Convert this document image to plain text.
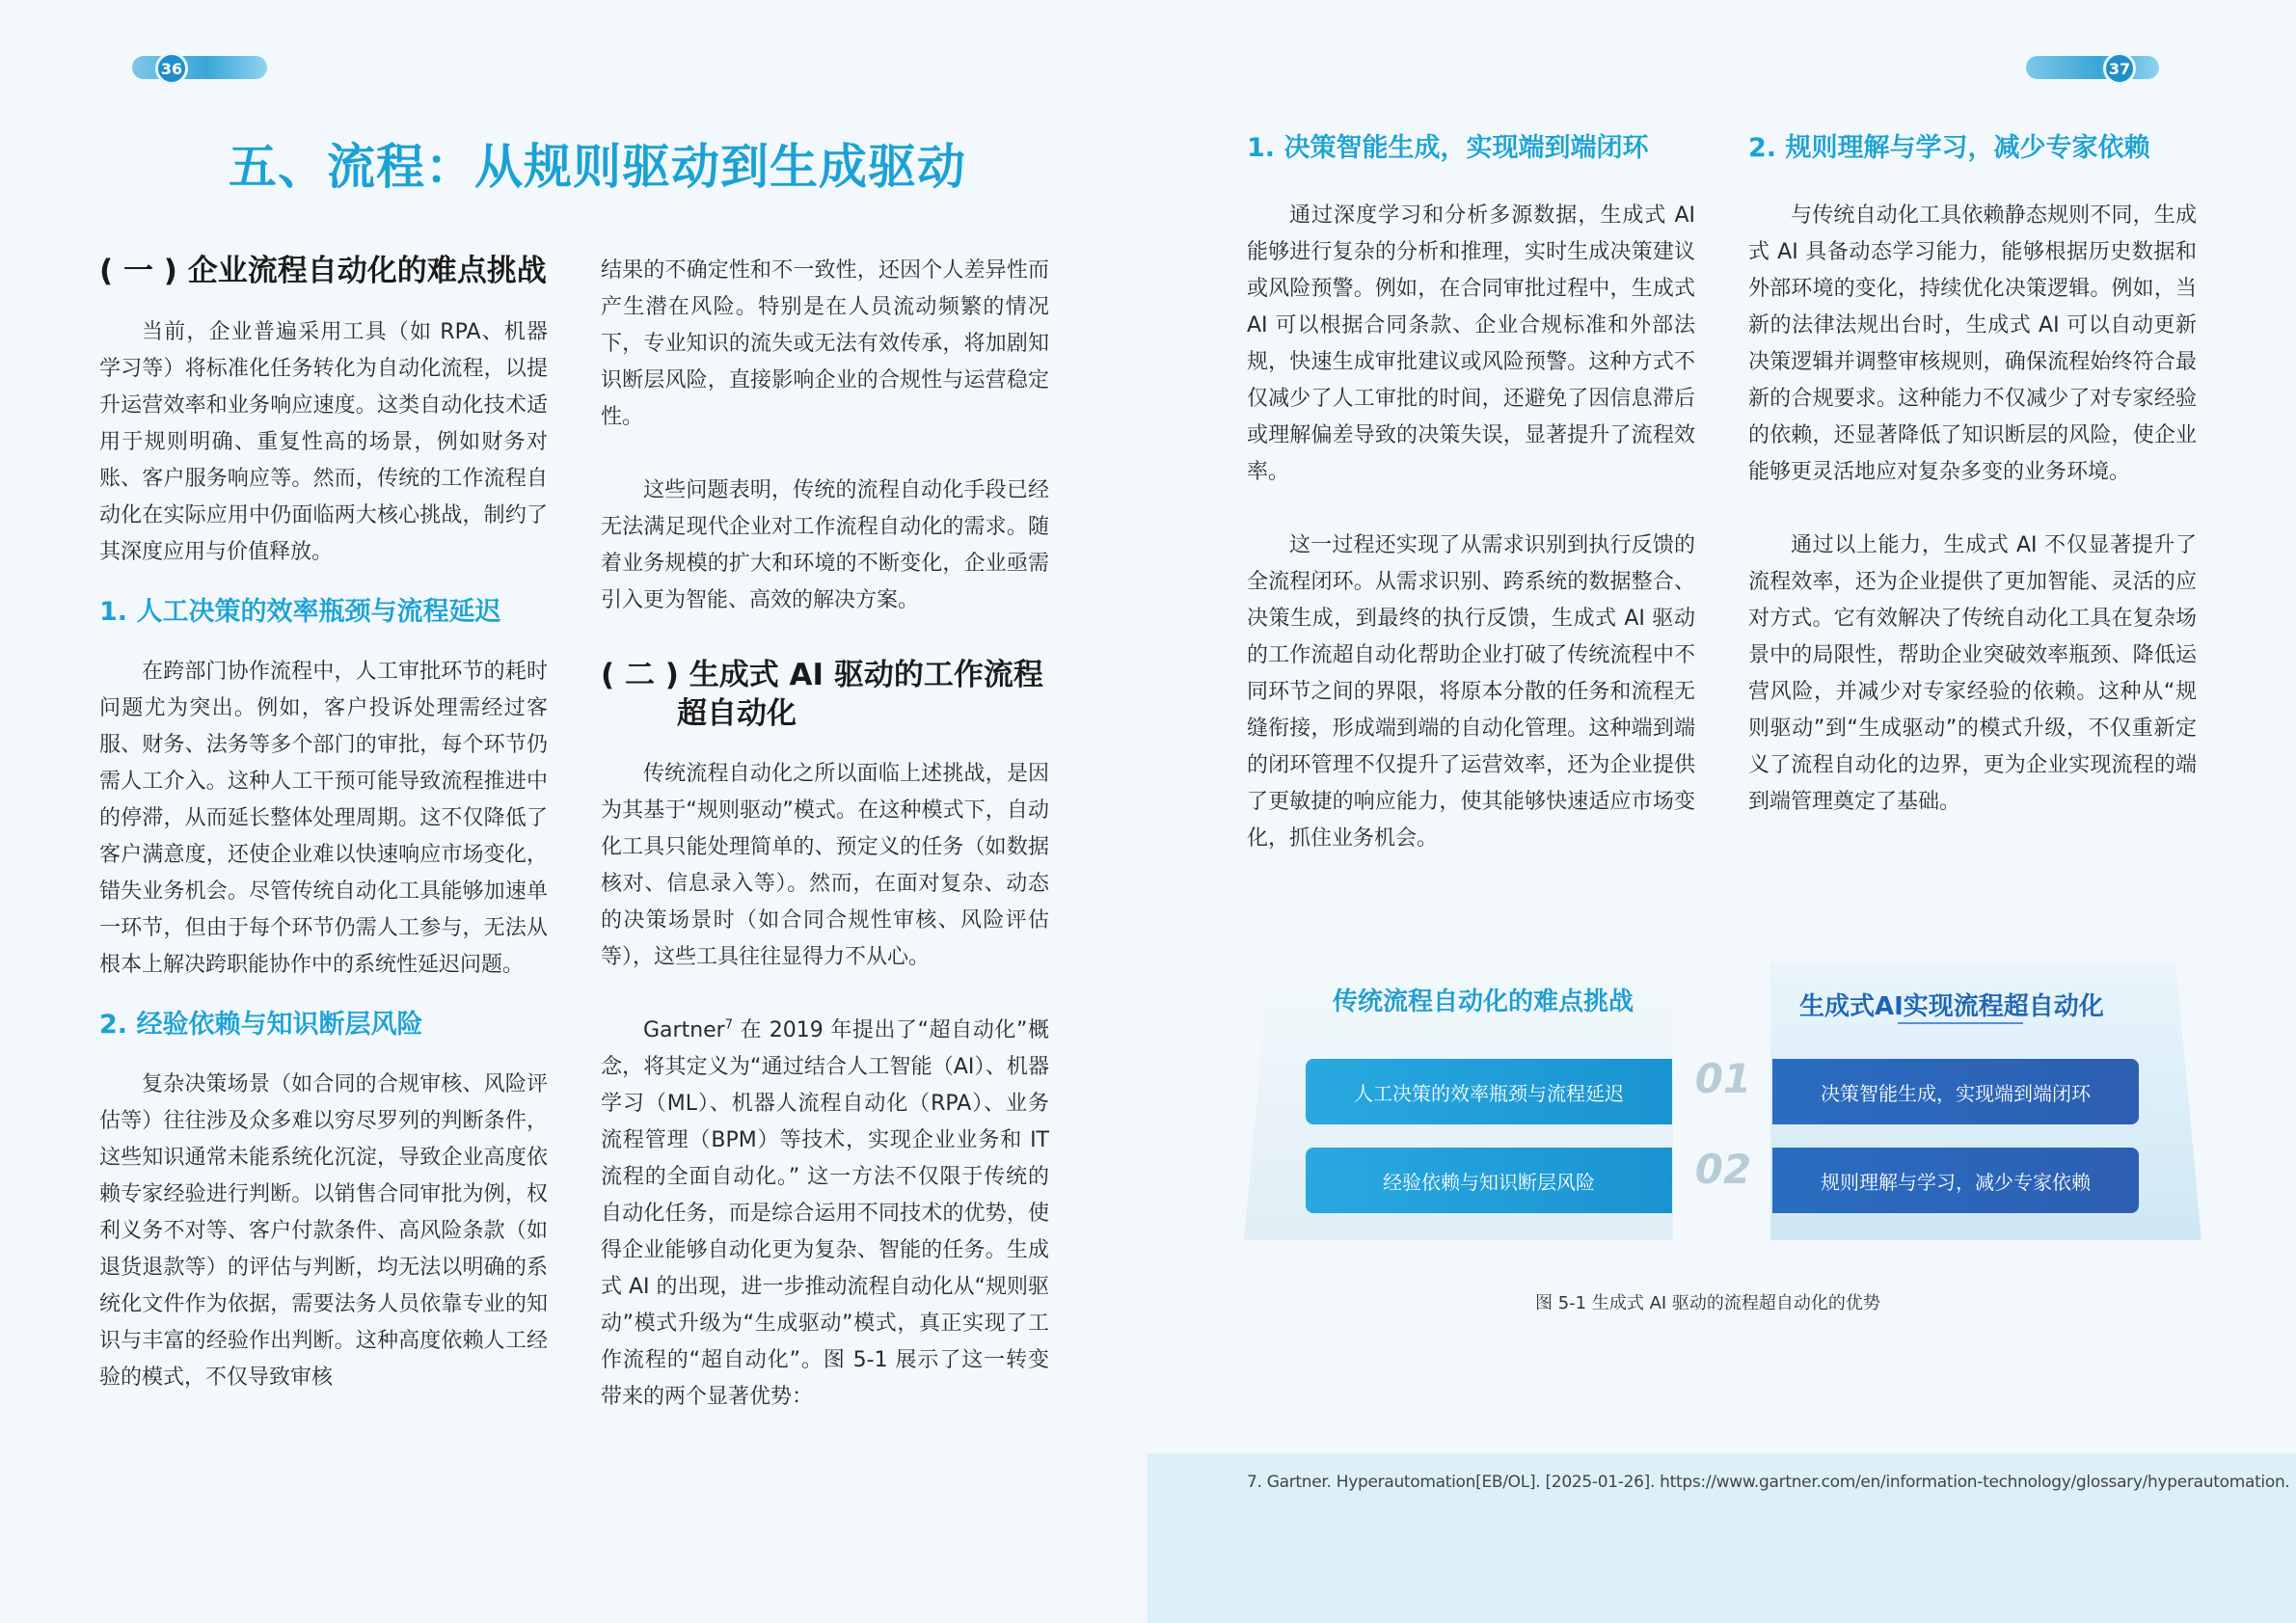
36	37
五、流程：从规则驱动到生成驱动
( 一 ) 企业流程自动化的难点挑战

当前，企业普遍采用工具（如 RPA、机器学习等）将标准化任务转化为自动化流程，以提升运营效率和业务响应速度。这类自动化技术适用于规则明确、重复性高的场景，例如财务对账、客户服务响应等。然而，传统的工作流程自动化在实际应用中仍面临两大核心挑战，制约了其深度应用与价值释放。

1. 人工决策的效率瓶颈与流程延迟

在跨部门协作流程中，人工审批环节的耗时问题尤为突出。例如，客户投诉处理需经过客服、财务、法务等多个部门的审批，每个环节仍需人工介入。这种人工干预可能导致流程推进中的停滞，从而延长整体处理周期。这不仅降低了客户满意度，还使企业难以快速响应市场变化，错失业务机会。尽管传统自动化工具能够加速单一环节，但由于每个环节仍需人工参与，无法从根本上解决跨职能协作中的系统性延迟问题。

2. 经验依赖与知识断层风险

复杂决策场景（如合同的合规审核、风险评估等）往往涉及众多难以穷尽罗列的判断条件，这些知识通常未能系统化沉淀，导致企业高度依赖专家经验进行判断。以销售合同审批为例，权利义务不对等、客户付款条件、高风险条款（如退货退款等）的评估与判断，均无法以明确的系统化文件作为依据，需要法务人员依靠专业的知识与丰富的经验作出判断。这种高度依赖人工经验的模式，不仅导致审核

结果的不确定性和不一致性，还因个人差异性而产生潜在风险。特别是在人员流动频繁的情况下，专业知识的流失或无法有效传承，将加剧知识断层风险，直接影响企业的合规性与运营稳定性。

这些问题表明，传统的流程自动化手段已经无法满足现代企业对工作流程自动化的需求。随着业务规模的扩大和环境的不断变化，企业亟需引入更为智能、高效的解决方案。

( 二 ) 生成式 AI 驱动的工作流程
超自动化

传统流程自动化之所以面临上述挑战，是因为其基于“规则驱动”模式。在这种模式下，自动化工具只能处理简单的、预定义的任务（如数据核对、信息录入等）。然而，在面对复杂、动态的决策场景时（如合同合规性审核、风险评估等），这些工具往往显得力不从心。

Gartner$^7$ 在 2019 年提出了“超自动化”概念，将其定义为“通过结合人工智能（AI）、机器学习（ML）、机器人流程自动化（RPA）、业务流程管理（BPM）等技术，实现企业业务和 IT 流程的全面自动化。” 这一方法不仅限于传统的自动化任务，而是综合运用不同技术的优势，使得企业能够自动化更为复杂、智能的任务。生成式 AI 的出现，进一步推动流程自动化从“规则驱动”模式升级为“生成驱动”模式，真正实现了工作流程的“超自动化”。图 5-1 展示了这一转变带来的两个显著优势：

1. 决策智能生成，实现端到端闭环

通过深度学习和分析多源数据，生成式 AI 能够进行复杂的分析和推理，实时生成决策建议或风险预警。例如，在合同审批过程中，生成式 AI 可以根据合同条款、企业合规标准和外部法规，快速生成审批建议或风险预警。这种方式不仅减少了人工审批的时间，还避免了因信息滞后或理解偏差导致的决策失误，显著提升了流程效率。

这一过程还实现了从需求识别到执行反馈的全流程闭环。从需求识别、跨系统的数据整合、决策生成，到最终的执行反馈，生成式 AI 驱动的工作流超自动化帮助企业打破了传统流程中不同环节之间的界限，将原本分散的任务和流程无缝衔接，形成端到端的自动化管理。这种端到端的闭环管理不仅提升了运营效率，还为企业提供了更敏捷的响应能力，使其能够快速适应市场变化，抓住业务机会。

2. 规则理解与学习，减少专家依赖

与传统自动化工具依赖静态规则不同，生成式 AI 具备动态学习能力，能够根据历史数据和外部环境的变化，持续优化决策逻辑。例如，当新的法律法规出台时，生成式 AI 可以自动更新决策逻辑并调整审核规则，确保流程始终符合最新的合规要求。这种能力不仅减少了对专家经验的依赖，还显著降低了知识断层的风险，使企业能够更灵活地应对复杂多变的业务环境。

通过以上能力，生成式 AI 不仅显著提升了流程效率，还为企业提供了更加智能、灵活的应对方式。它有效解决了传统自动化工具在复杂场景中的局限性，帮助企业突破效率瓶颈、降低运营风险，并减少对专家经验的依赖。这种从“规则驱动”到“生成驱动”的模式升级，不仅重新定义了流程自动化的边界，更为企业实现流程的端到端管理奠定了基础。

传统流程自动化的难点挑战	生成式AI实现流程超自动化
人工决策的效率瓶颈与流程延迟	01	决策智能生成，实现端到端闭环
经验依赖与知识断层风险	02	规则理解与学习，减少专家依赖
图 5-1 生成式 AI 驱动的流程超自动化的优势
7. Gartner. Hyperautomation[EB/OL]. [2025-01-26]. https://www.gartner.com/en/information-technology/glossary/hyperautomation.
